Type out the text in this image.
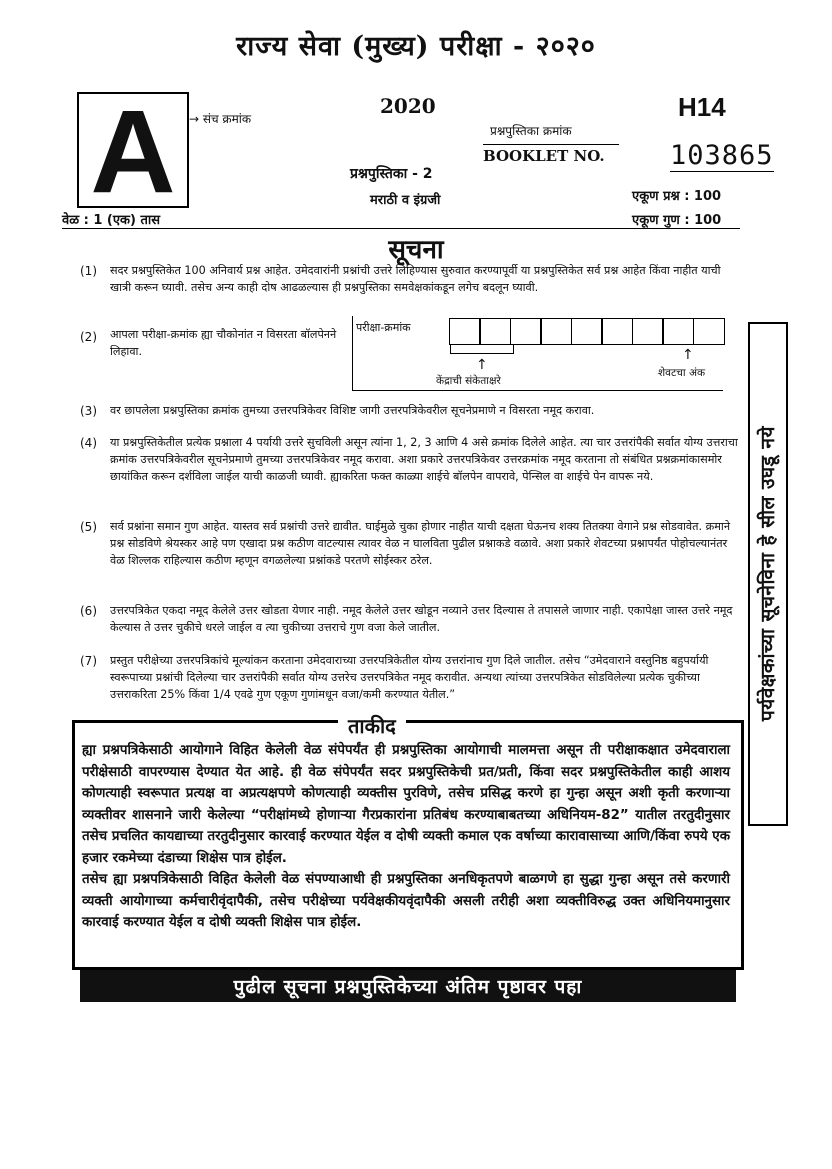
राज्य सेवा (मुख्य) परीक्षा - २०२०
A → संच क्रमांक
2020	H14
प्रश्नपुस्तिका क्रमांक
BOOKLET NO.	103865
प्रश्नपुस्तिका - 2
मराठी व इंग्रजी	एकूण प्रश्न : 100
वेळ : 1 (एक) तास	एकूण गुण : 100
सूचना
(1) सदर प्रश्नपुस्तिकेत 100 अनिवार्य प्रश्न आहेत. उमेदवारांनी प्रश्नांची उत्तरे लिहिण्यास सुरुवात करण्यापूर्वी या प्रश्नपुस्तिकेत सर्व प्रश्न आहेत किंवा नाहीत याची खात्री करून घ्यावी. तसेच अन्य काही दोष आढळल्यास ही प्रश्नपुस्तिका समवेक्षकांकडून लगेच बदलून घ्यावी.
(2) आपला परीक्षा-क्रमांक ह्या चौकोनांत न विसरता बॉलपेनने लिहावा.
परीक्षा-क्रमांक
↑
केंद्राची संकेताक्षरे
↑
शेवटचा अंक
(3) वर छापलेला प्रश्नपुस्तिका क्रमांक तुमच्या उत्तरपत्रिकेवर विशिष्ट जागी उत्तरपत्रिकेवरील सूचनेप्रमाणे न विसरता नमूद करावा.
(4) या प्रश्नपुस्तिकेतील प्रत्येक प्रश्नाला 4 पर्यायी उत्तरे सुचविली असून त्यांना 1, 2, 3 आणि 4 असे क्रमांक दिलेले आहेत. त्या चार उत्तरांपैकी सर्वात योग्य उत्तराचा क्रमांक उत्तरपत्रिकेवरील सूचनेप्रमाणे तुमच्या उत्तरपत्रिकेवर नमूद करावा. अशा प्रकारे उत्तरपत्रिकेवर उत्तरक्रमांक नमूद करताना तो संबंधित प्रश्नक्रमांकासमोर छायांकित करून दर्शविला जाईल याची काळजी घ्यावी. ह्याकरिता फक्त काळ्या शाईचे बॉलपेन वापरावे, पेन्सिल वा शाईचे पेन वापरू नये.
(5) सर्व प्रश्नांना समान गुण आहेत. यास्तव सर्व प्रश्नांची उत्तरे द्यावीत. घाईमुळे चुका होणार नाहीत याची दक्षता घेऊनच शक्य तितक्या वेगाने प्रश्न सोडवावेत. क्रमाने प्रश्न सोडविणे श्रेयस्कर आहे पण एखादा प्रश्न कठीण वाटल्यास त्यावर वेळ न घालविता पुढील प्रश्नाकडे वळावे. अशा प्रकारे शेवटच्या प्रश्नापर्यंत पोहोचल्यानंतर वेळ शिल्लक राहिल्यास कठीण म्हणून वगळलेल्या प्रश्नांकडे परतणे सोईस्कर ठरेल.
(6) उत्तरपत्रिकेत एकदा नमूद केलेले उत्तर खोडता येणार नाही. नमूद केलेले उत्तर खोडून नव्याने उत्तर दिल्यास ते तपासले जाणार नाही. एकापेक्षा जास्त उत्तरे नमूद केल्यास ते उत्तर चुकीचे धरले जाईल व त्या चुकीच्या उत्तराचे गुण वजा केले जातील.
(7) प्रस्तुत परीक्षेच्या उत्तरपत्रिकांचे मूल्यांकन करताना उमेदवाराच्या उत्तरपत्रिकेतील योग्य उत्तरांनाच गुण दिले जातील. तसेच “उमेदवाराने वस्तुनिष्ठ बहुपर्यायी स्वरूपाच्या प्रश्नांची दिलेल्या चार उत्तरांपैकी सर्वात योग्य उत्तरेच उत्तरपत्रिकेत नमूद करावीत. अन्यथा त्यांच्या उत्तरपत्रिकेत सोडविलेल्या प्रत्येक चुकीच्या उत्तराकरिता 25% किंवा 1/4 एवढे गुण एकूण गुणांमधून वजा/कमी करण्यात येतील.”	पर्यवेक्षकांच्या सूचनेविना हे सील उघडू नये
ताकीद
ह्या प्रश्नपत्रिकेसाठी आयोगाने विहित केलेली वेळ संपेपर्यंत ही प्रश्नपुस्तिका आयोगाची मालमत्ता असून ती परीक्षाकक्षात उमेदवाराला परीक्षेसाठी वापरण्यास देण्यात येत आहे. ही वेळ संपेपर्यंत सदर प्रश्नपुस्तिकेची प्रत/प्रती, किंवा सदर प्रश्नपुस्तिकेतील काही आशय कोणत्याही स्वरूपात प्रत्यक्ष वा अप्रत्यक्षपणे कोणत्याही व्यक्तीस पुरविणे, तसेच प्रसिद्ध करणे हा गुन्हा असून अशी कृती करणाऱ्या व्यक्तीवर शासनाने जारी केलेल्या “परीक्षांमध्ये होणाऱ्या गैरप्रकारांना प्रतिबंध करण्याबाबतच्या अधिनियम-82” यातील तरतुदीनुसार तसेच प्रचलित कायद्याच्या तरतुदीनुसार कारवाई करण्यात येईल व दोषी व्यक्ती कमाल एक वर्षाच्या कारावासाच्या आणि/किंवा रुपये एक हजार रकमेच्या दंडाच्या शिक्षेस पात्र होईल.
तसेच ह्या प्रश्नपत्रिकेसाठी विहित केलेली वेळ संपण्याआधी ही प्रश्नपुस्तिका अनधिकृतपणे बाळगणे हा सुद्धा गुन्हा असून तसे करणारी व्यक्ती आयोगाच्या कर्मचारीवृंदापैकी, तसेच परीक्षेच्या पर्यवेक्षकीयवृंदापैकी असली तरीही अशा व्यक्तीविरुद्ध उक्त अधिनियमानुसार कारवाई करण्यात येईल व दोषी व्यक्ती शिक्षेस पात्र होईल.
पुढील सूचना प्रश्नपुस्तिकेच्या अंतिम पृष्ठावर पहा
